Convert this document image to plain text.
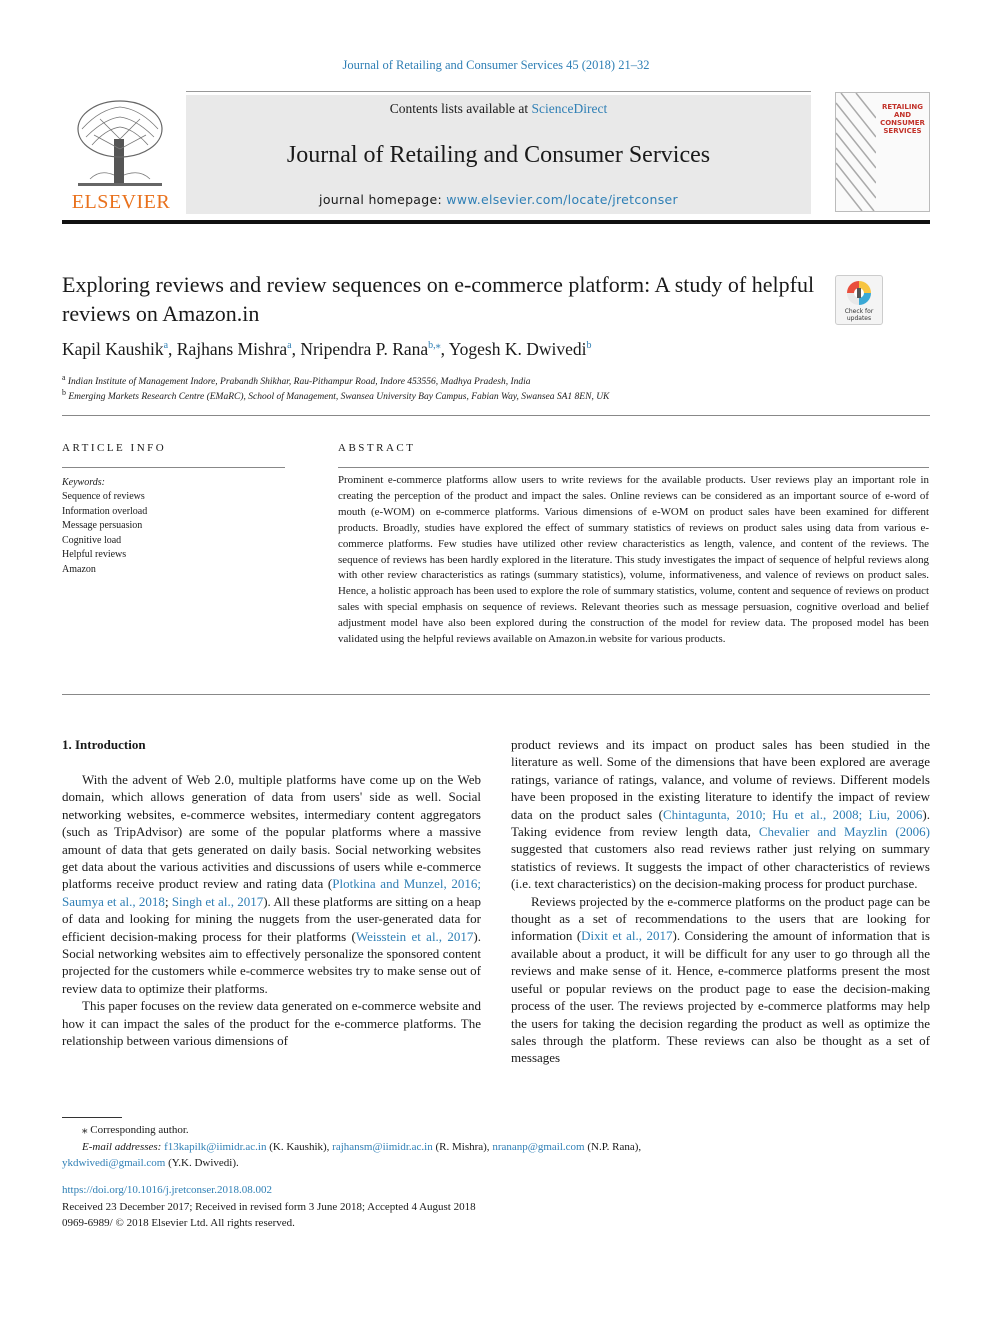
Journal of Retailing and Consumer Services 45 (2018) 21–32
ELSEVIER
Contents lists available at ScienceDirect
Journal of Retailing and Consumer Services
journal homepage: www.elsevier.com/locate/jretconser
RETAILING AND CONSUMER SERVICES
Exploring reviews and review sequences on e-commerce platform: A study of helpful reviews on Amazon.in	Check for updates
Kapil Kaushik$^a$, Rajhans Mishra$^a$, Nripendra P. Rana$^{b,⁎}$, Yogesh K. Dwivedi$^b$
$^a$ Indian Institute of Management Indore, Prabandh Shikhar, Rau-Pithampur Road, Indore 453556, Madhya Pradesh, India
$^b$ Emerging Markets Research Centre (EMaRC), School of Management, Swansea University Bay Campus, Fabian Way, Swansea SA1 8EN, UK
ARTICLE INFO
Keywords:
Sequence of reviews
Information overload
Message persuasion
Cognitive load
Helpful reviews
Amazon
ABSTRACT
Prominent e-commerce platforms allow users to write reviews for the available products. User reviews play an important role in creating the perception of the product and impact the sales. Online reviews can be considered as an important source of e-word of mouth (e-WOM) on e-commerce platforms. Various dimensions of e-WOM on product sales have been examined for different products. Broadly, studies have explored the effect of summary statistics of reviews on product sales using data from various e-commerce platforms. Few studies have utilized other review characteristics as length, valence, and content of the reviews. The sequence of reviews has been hardly explored in the literature. This study investigates the impact of sequence of helpful reviews along with other review characteristics as ratings (summary statistics), volume, informativeness, and valence of reviews on product sales. Hence, a holistic approach has been used to explore the role of summary statistics, volume, content and sequence of reviews on product sales with special emphasis on sequence of reviews. Relevant theories such as message persuasion, cognitive overload and belief adjustment model have also been explored during the construction of the model for review data. The proposed model has been validated using the helpful reviews available on Amazon.in website for various products.
1. Introduction

With the advent of Web 2.0, multiple platforms have come up on the Web domain, which allows generation of data from users' side as well. Social networking websites, e-commerce websites, intermediary content aggregators (such as TripAdvisor) are some of the popular platforms where a massive amount of data that gets generated on daily basis. Social networking websites get data about the various activities and discussions of users while e-commerce platforms receive product review and rating data (Plotkina and Munzel, 2016; Saumya et al., 2018; Singh et al., 2017). All these platforms are sitting on a heap of data and looking for mining the nuggets from the user-generated data for efficient decision-making process for their platforms (Weisstein et al., 2017). Social networking websites aim to effectively personalize the sponsored content projected for the customers while e-commerce websites try to make sense out of review data to optimize their platforms.

This paper focuses on the review data generated on e-commerce website and how it can impact the sales of the product for the e-commerce platforms. The relationship between various dimensions of

product reviews and its impact on product sales has been studied in the literature as well. Some of the dimensions that have been explored are average ratings, variance of ratings, valance, and volume of reviews. Different models have been proposed in the existing literature to identify the impact of review data on the product sales (Chintagunta, 2010; Hu et al., 2008; Liu, 2006). Taking evidence from review length data, Chevalier and Mayzlin (2006) suggested that customers also read reviews rather just relying on summary statistics of reviews. It suggests the impact of other characteristics of reviews (i.e. text characteristics) on the decision-making process for product purchase.

Reviews projected by the e-commerce platforms on the product page can be thought as a set of recommendations to the users that are looking for information (Dixit et al., 2017). Considering the amount of information that is available about a product, it will be difficult for any user to go through all the reviews and make sense of it. Hence, e-commerce platforms present the most useful or popular reviews on the product page to ease the decision-making process of the user. The reviews projected by e-commerce platforms may help the users for taking the decision regarding the product as well as optimize the sales through the platform. These reviews can also be thought as a set of messages

⁎ Corresponding author.
E-mail addresses: f13kapilk@iimidr.ac.in (K. Kaushik), rajhansm@iimidr.ac.in (R. Mishra), nrananp@gmail.com (N.P. Rana),
ykdwivedi@gmail.com (Y.K. Dwivedi).
https://doi.org/10.1016/j.jretconser.2018.08.002
Received 23 December 2017; Received in revised form 3 June 2018; Accepted 4 August 2018
0969-6989/ © 2018 Elsevier Ltd. All rights reserved.
